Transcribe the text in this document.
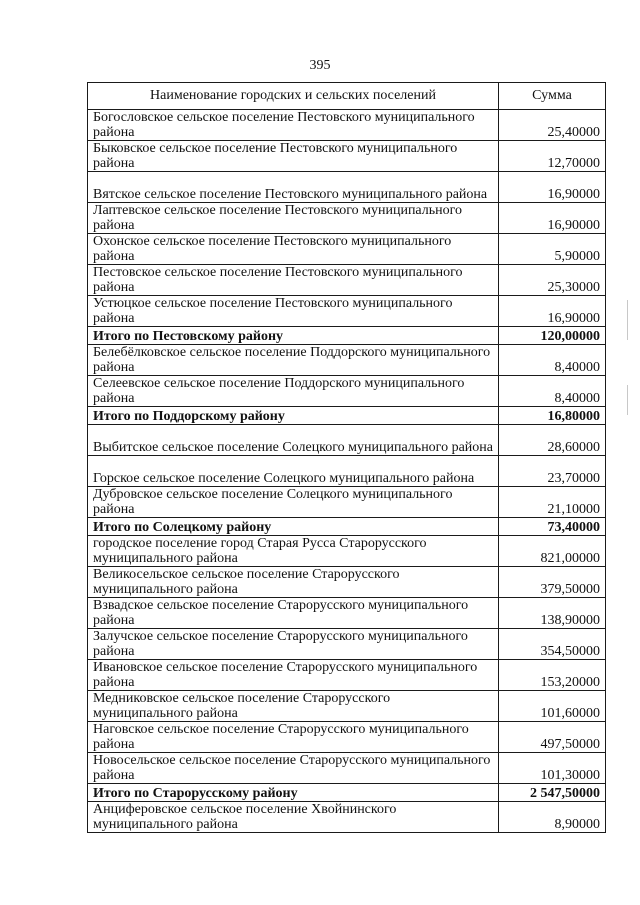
395
Наименование городских и сельских поселений	Сумма
Богословское сельское поселение Пестовского муниципального района	25,40000
Быковское сельское поселение Пестовского муниципального района	12,70000
Вятское сельское поселение Пестовского муниципального района	16,90000
Лаптевское сельское поселение Пестовского муниципального района	16,90000
Охонское сельское поселение Пестовского муниципального района	5,90000
Пестовское сельское поселение Пестовского муниципального района	25,30000
Устюцкое сельское поселение Пестовского муниципального района	16,90000
Итого по Пестовскому району	120,00000
Белебёлковское сельское поселение Поддорского муниципального района	8,40000
Селеевское сельское поселение Поддорского муниципального района	8,40000
Итого по Поддорскому району	16,80000
Выбитское сельское поселение Солецкого муниципального района	28,60000
Горское сельское поселение Солецкого муниципального района	23,70000
Дубровское сельское поселение Солецкого муниципального района	21,10000
Итого по Солецкому району	73,40000
городское поселение город Старая Русса Старорусского муниципального района	821,00000
Великосельское сельское поселение Старорусского муниципального района	379,50000
Взвадское сельское поселение Старорусского муниципального района	138,90000
Залучское сельское поселение Старорусского муниципального района	354,50000
Ивановское сельское поселение Старорусского муниципального района	153,20000
Медниковское сельское поселение Старорусского муниципального района	101,60000
Наговское сельское поселение Старорусского муниципального района	497,50000
Новосельское сельское поселение Старорусского муниципального района	101,30000
Итого по Старорусскому району	2 547,50000
Анциферовское сельское поселение Хвойнинского муниципального района	8,90000
